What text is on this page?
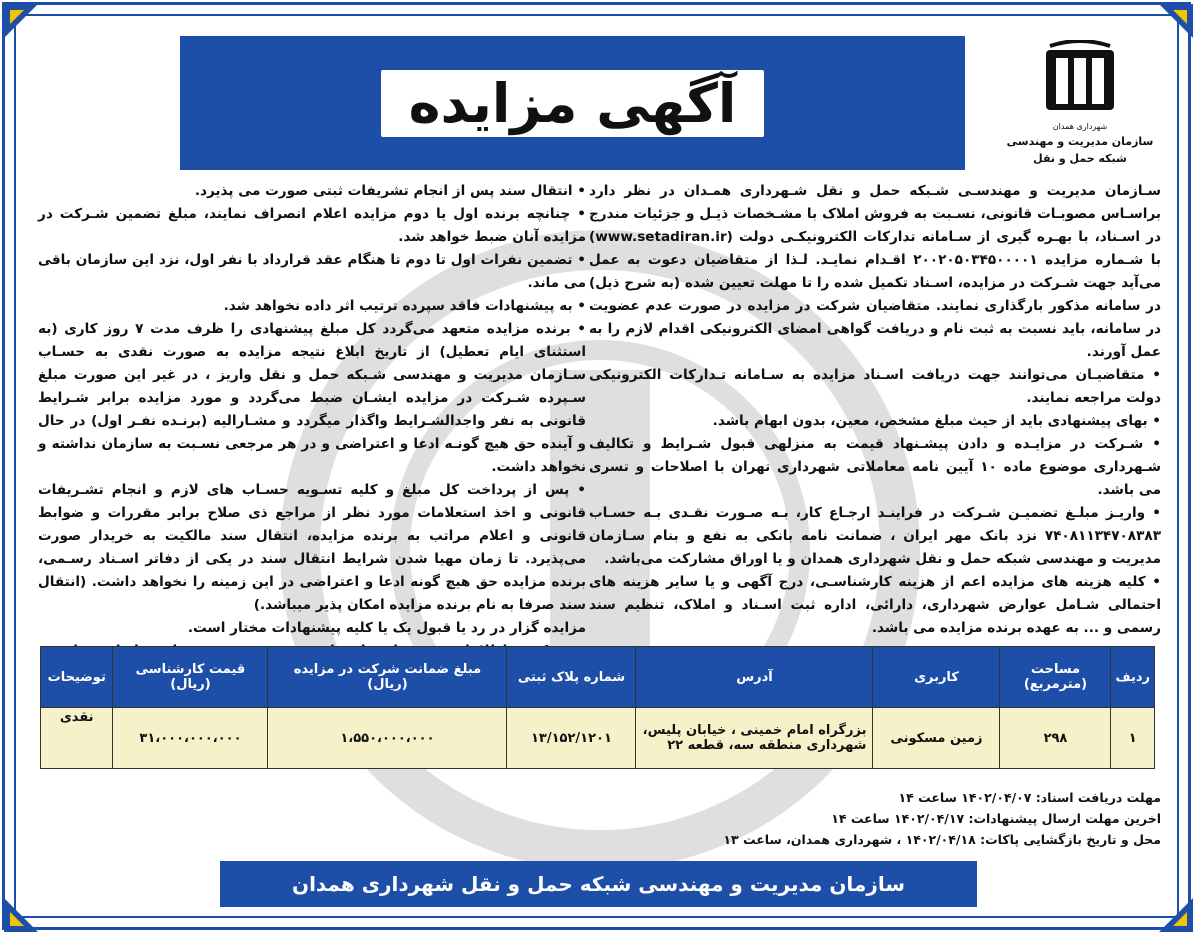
آگهی مزایده	شهرداری همدان
سازمان مدیریت و مهندسی
شبکه حمل و نقل

سـازمان مدیریت و مهندسـی شـبکه حمل و نقل شـهرداری همـدان در نظر دارد براسـاس مصوبـات قانونی، نسـبت به فروش املاک با مشـخصات ذیـل و جزئیات مندرج در اسـناد، با بهـره گیری از سـامانه تدارکات الکترونیکـی دولت (www.setadiran.ir) با شـماره مزایده ۲۰۰۲۰۵۰۳۴۵۰۰۰۰۱ اقـدام نمایـد. لـذا از متقاضیان دعوت به عمل می‌آید جهت شـرکت در مزایده، اسـناد تکمیل شده را تا مهلت تعیین شده (به شرح ذیل) در سامانه مذکور بارگذاری نمایند. متقاضیان شرکت در مزایده در صورت عدم عضویت در سامانه، باید نسبت به ثبت نام و دریافت گواهی امضای الکترونیکی اقدام لازم را به عمل آورند.

• متقاضیـان می‌توانند جهت دریافت اسـناد مزایده به سـامانه تـدارکات الکترونیکی دولت مراجعه نمایند.

• بهای پیشنهادی باید از حیث مبلغ مشخص، معین، بدون ابهام باشد.

• شـرکت در مزایـده و دادن پیشـنهاد قیمت به منزلهی قبول شـرایط و تکالیف شـهرداری موضوع ماده ۱۰ آیین نامه معاملاتی شهرداری تهران با اصلاحات و تسری می باشد.

• واریـز مبلـغ تضمیـن شـرکت در فراینـد ارجـاع کار، بـه صـورت نقـدی بـه حسـاب ۷۴۰۸۱۱۳۴۷۰۸۳۸۳ نزد بانک مهر ایران ، ضمانت نامه بانکی به نفع و بنام سـازمان مدیریت و مهندسی شبکه حمل و نقل شهرداری همدان و یا اوراق مشارکت می‌باشد.

• کلیه هزینه های مزایده اعم از هزینه کارشناسـی، درج آگهی و یا سایر هزینه های احتمالی شـامل عوارض شهرداری، دارائی، اداره ثبت اسـناد و املاک، تنظیم سند رسمی و ... به عهده برنده مزایده می باشد.

• انتقال سند پس از انجام تشریفات ثبتی صورت می پذیرد.

• چنانچه برنده اول یا دوم مزایده اعلام انصراف نمایند، مبلغ تضمین شـرکت در مزایده آنان ضبط خواهد شد.

• تضمین نفرات اول تا دوم تا هنگام عقد قرارداد با نفر اول، نزد این سازمان باقی می ماند.

• به پیشنهادات فاقد سپرده ترتیب اثر داده نخواهد شد.

• برنده مزایده متعهد می‌گردد کل مبلغ پیشنهادی را ظرف مدت ۷ روز کاری (به استثنای ایام تعطیل) از تاریخ ابلاغ نتیجه مزایده به صورت نقدی به حسـاب سـازمان مدیریت و مهندسی شـبکه حمل و نقل واریز ، در غیر این صورت مبلغ سـپرده شـرکت در مزایده ایشـان ضبط می‌گردد و مورد مزایده برابر شـرایط قانونی به نفر واجدالشـرایط واگذار میگردد و مشـارالیه (برنـده نفـر اول) در حال و آینده حق هیچ گونـه ادعا و اعتراضی و در هر مرجعی نسـبت به سازمان نداشته و نخواهد داشت.

• پس از پرداخت کل مبلغ و کلیه تسـویه حسـاب های لازم و انجام تشـریفات قانونی و اخذ استعلامات مورد نظر از مراجع ذی صلاح برابر مقررات و ضوابط قانونی و اعلام مراتب به برنده مزایده، انتقال سند مالکیت به خریدار صورت می‌پذیرد. تا زمان مهیا شدن شرایط انتقال سند در یکی از دفاتر اسـناد رسـمی، برنده مزایده حق هیچ گونه ادعا و اعتراضی در این زمینه را نخواهد داشت. (انتقال سند صرفا به نام برنده مزایده امکان پذیر میباشد.)

مزایده گزار در رد یا قبول یک یا کلیه پیشنهادات مختار است.

ردیف	مساحت (مترمربع)	کاربری	آدرس	شماره پلاک ثبتی	مبلغ ضمانت شرکت در مزایده (ریال)	قیمت کارشناسی (ریال)	توضیحات
۱	۲۹۸	زمین مسکونی	بزرگراه امام خمینی ، خیابان پلیس، شهرداری منطقه سه، قطعه ۲۲	۱۳/۱۵۲/۱۲۰۱	۱،۵۵۰،۰۰۰،۰۰۰	۳۱،۰۰۰،۰۰۰،۰۰۰	نقدی
مهلت دریافت اسناد: ۱۴۰۲/۰۴/۰۷ ساعت ۱۴
اخرین مهلت ارسال پیشنهادات: ۱۴۰۲/۰۴/۱۷ ساعت ۱۴
محل و تاریخ بازگشایی پاکات: ۱۴۰۲/۰۴/۱۸ ، شهرداری همدان، ساعت ۱۳
سازمان مدیریت و مهندسی شبکه حمل و نقل شهرداری همدان
